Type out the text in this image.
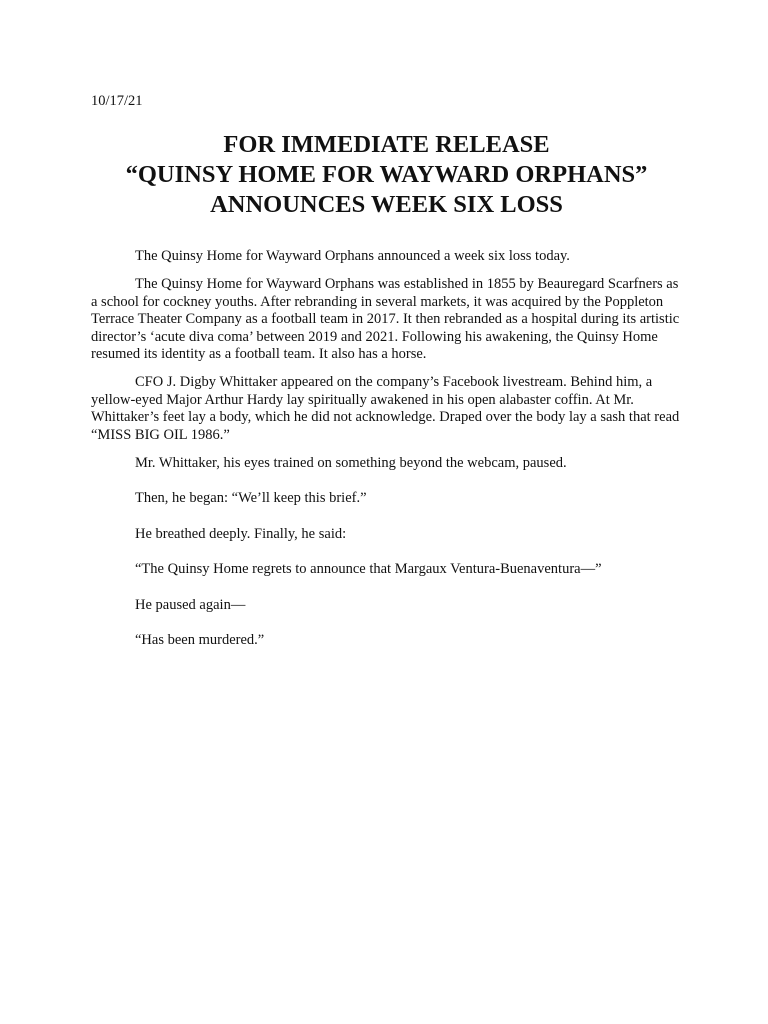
10/17/21

FOR IMMEDIATE RELEASE
“QUINSY HOME FOR WAYWARD ORPHANS”
ANNOUNCES WEEK SIX LOSS

The Quinsy Home for Wayward Orphans announced a week six loss today.

The Quinsy Home for Wayward Orphans was established in 1855 by Beauregard Scarfners as a school for cockney youths. After rebranding in several markets, it was acquired by the Poppleton Terrace Theater Company as a football team in 2017. It then rebranded as a hospital during its artistic director’s ‘acute diva coma’ between 2019 and 2021. Following his awakening, the Quinsy Home resumed its identity as a football team. It also has a horse.

CFO J. Digby Whittaker appeared on the company’s Facebook livestream. Behind him, a yellow-eyed Major Arthur Hardy lay spiritually awakened in his open alabaster coffin. At Mr. Whittaker’s feet lay a body, which he did not acknowledge. Draped over the body lay a sash that read “MISS BIG OIL 1986.”

Mr. Whittaker, his eyes trained on something beyond the webcam, paused.

Then, he began: “We’ll keep this brief.”

He breathed deeply. Finally, he said:

“The Quinsy Home regrets to announce that Margaux Ventura-Buenaventura—”

He paused again—

“Has been murdered.”
